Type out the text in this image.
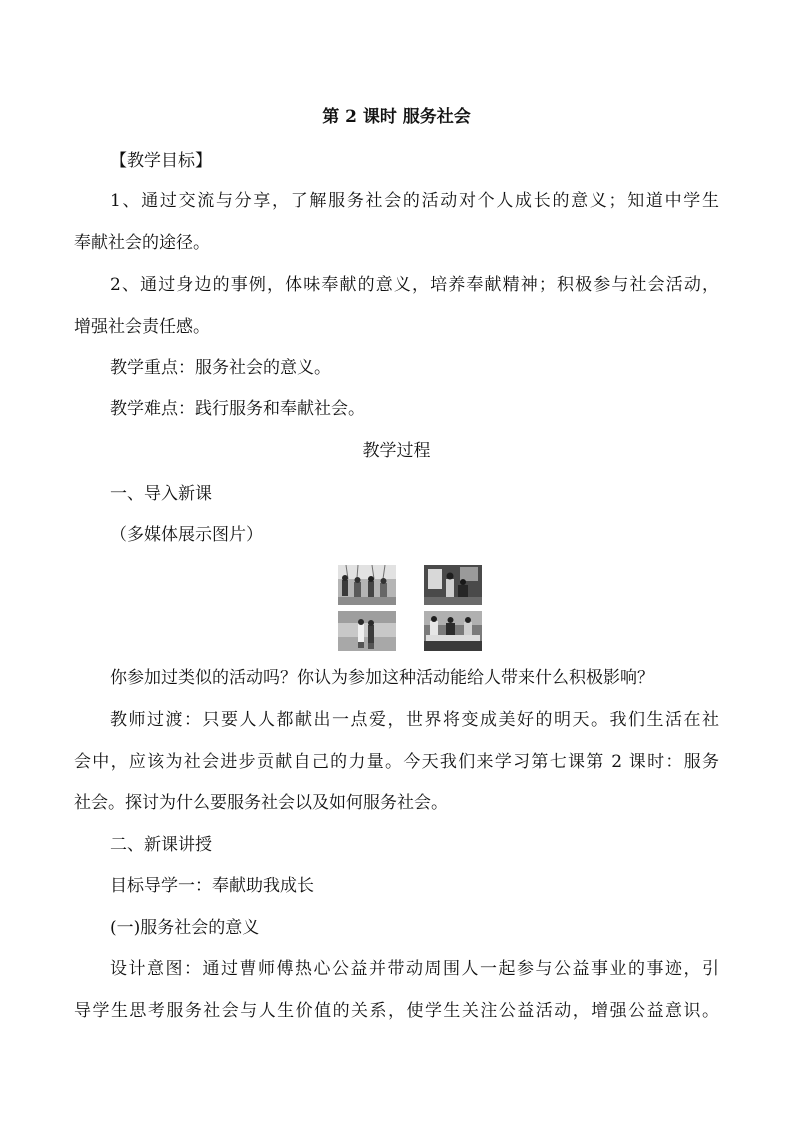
第 2 课时 服务社会
【教学目标】
1、通过交流与分享，了解服务社会的活动对个人成长的意义；知道中学生
奉献社会的途径。
2、通过身边的事例，体味奉献的意义，培养奉献精神；积极参与社会活动，
增强社会责任感。
教学重点：服务社会的意义。
教学难点：践行服务和奉献社会。
教学过程
一、导入新课
（多媒体展示图片）
你参加过类似的活动吗？你认为参加这种活动能给人带来什么积极影响？
教师过渡：只要人人都献出一点爱，世界将变成美好的明天。我们生活在社
会中，应该为社会进步贡献自己的力量。今天我们来学习第七课第 2 课时：服务
社会。探讨为什么要服务社会以及如何服务社会。
二、新课讲授
目标导学一：奉献助我成长
(一)服务社会的意义
设计意图：通过曹师傅热心公益并带动周围人一起参与公益事业的事迹，引
导学生思考服务社会与人生价值的关系，使学生关注公益活动，增强公益意识。
